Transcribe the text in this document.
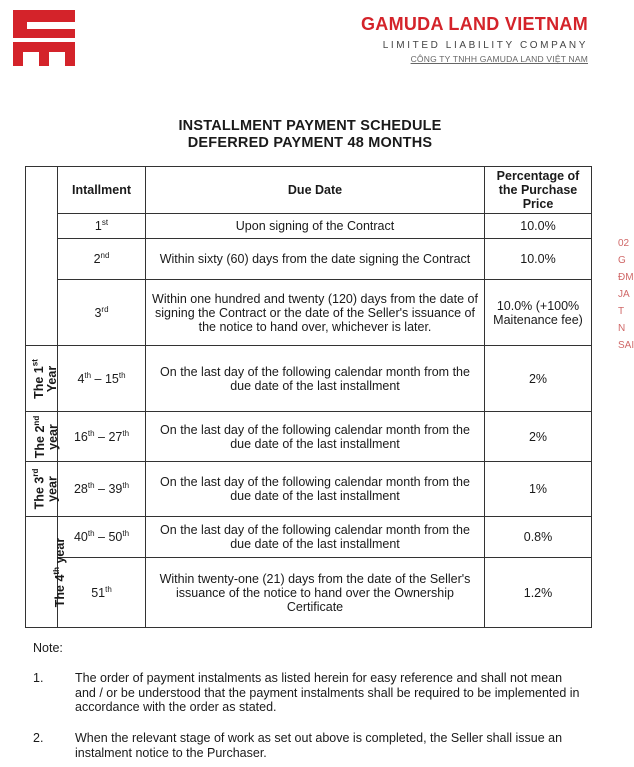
GAMUDA LAND VIETNAM
LIMITED LIABILITY COMPANY
CÔNG TY TNHH GAMUDA LAND VIỆT NAM
INSTALLMENT PAYMENT SCHEDULE
DEFERRED PAYMENT 48 MONTHS
	Intallment	Due Date	Percentage of the Purchase Price
	1st	Upon signing of the Contract	10.0%
	2nd	Within sixty (60) days from the date signing the Contract	10.0%
	3rd	Within one hundred and twenty (120) days from the date of signing the Contract or the date of the Seller's issuance of the notice to hand over, whichever is later.	10.0% (+100% Maitenance fee)
The 1st
Year	4th – 15th	On the last day of the following calendar month from the due date of the last installment	2%
The 2nd
year	16th – 27th	On the last day of the following calendar month from the due date of the last installment	2%
The 3rd
year	28th – 39th	On the last day of the following calendar month from the due date of the last installment	1%
The 4th year	40th – 50th	On the last day of the following calendar month from the due date of the last installment	0.8%
	51th	Within twenty-one (21) days from the date of the Seller's issuance of the notice to hand over the Ownership Certificate	1.2%
Note:
1.	The order of payment instalments as listed herein for easy reference and shall not mean and / or be understood that the payment instalments shall be required to be implemented in accordance with the order as stated.
2.	When the relevant stage of work as set out above is completed, the Seller shall issue an instalment notice to the Purchaser.
02
G
ĐM
JA
T N
SAI
